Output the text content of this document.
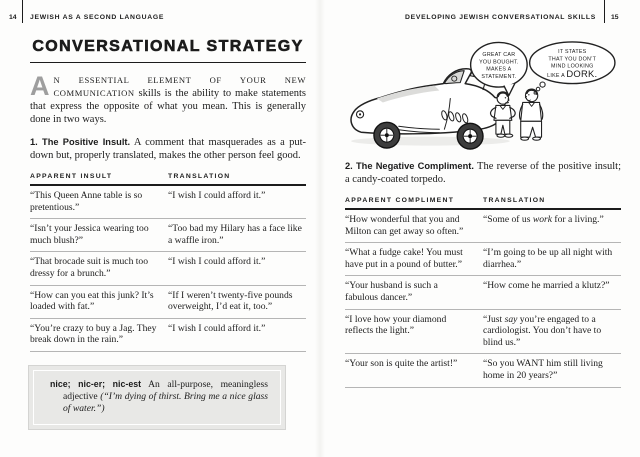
14 JEWISH AS A SECOND LANGUAGE
CONVERSATIONAL STRATEGY

A N ESSENTIAL ELEMENT OF YOUR NEW COMMUNICATION skills is the ability to make statements that express the opposite of what you mean. This is generally done in two ways.

1. The Positive Insult. A comment that masquerades as a put-down but, properly translated, makes the other person feel good.

APPARENT INSULT	TRANSLATION
“This Queen Anne table is so pretentious.”	“I wish I could afford it.”
“Isn’t your Jessica wearing too much blush?”	“Too bad my Hilary has a face like a waffle iron.”
“That brocade suit is much too dressy for a brunch.”	“I wish I could afford it.”
“How can you eat this junk? It’s loaded with fat.”	“If I weren’t twenty-five pounds overweight, I’d eat it, too.”
“You’re crazy to buy a Jag. They break down in the rain.”	“I wish I could afford it.”

nice; nic-er; nic-est An all-purpose, meaningless adjective (“I’m dying of thirst. Bring me a nice glass of water.”)

DEVELOPING JEWISH CONVERSATIONAL SKILLS 15
GREAT CAR
YOU BOUGHT.
MAKES A
STATEMENT.
IT STATES
THAT YOU DON’T
MIND LOOKING
LIKE A DORK.

2. The Negative Compliment. The reverse of the positive insult; a candy-coated torpedo.

APPARENT COMPLIMENT	TRANSLATION
“How wonderful that you and Milton can get away so often.”	“Some of us work for a living.”
“What a fudge cake! You must have put in a pound of butter.”	“I’m going to be up all night with diarrhea.”
“Your husband is such a fabulous dancer.”	“How come he married a klutz?”
“I love how your diamond reflects the light.”	“Just say you’re engaged to a cardiologist. You don’t have to blind us.”
“Your son is quite the artist!”	“So you WANT him still living home in 20 years?”
